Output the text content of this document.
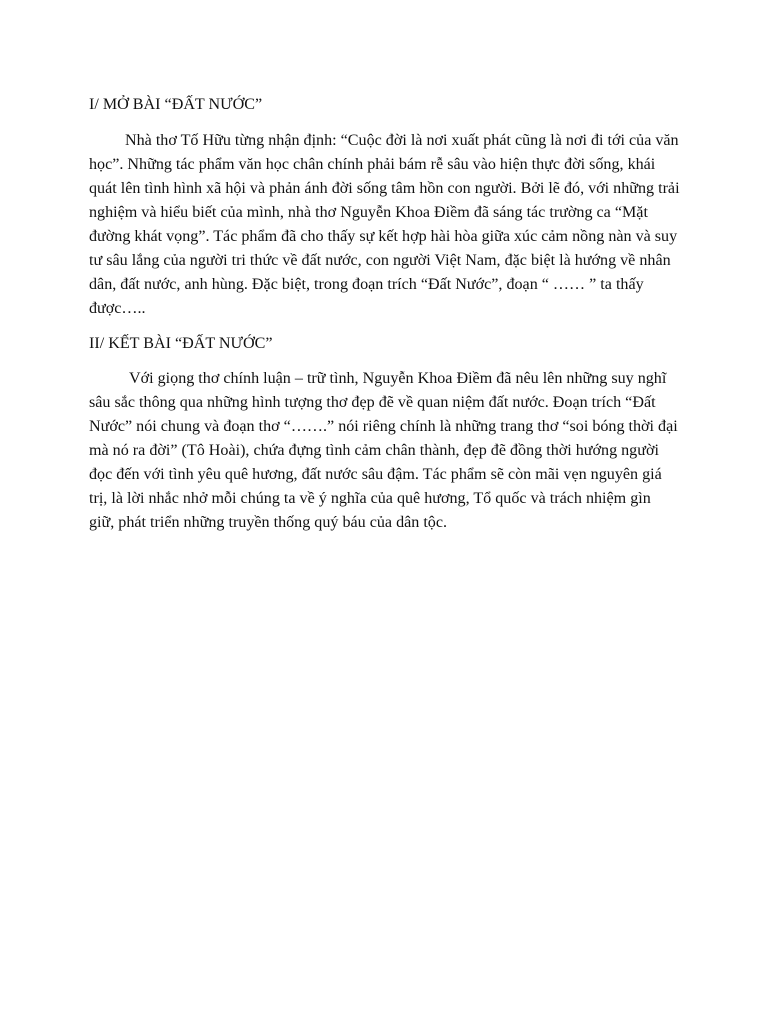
I/ MỞ BÀI “ĐẤT NƯỚC”

Nhà thơ Tố Hữu từng nhận định: “Cuộc đời là nơi xuất phát cũng là nơi đi tới của văn học”. Những tác phẩm văn học chân chính phải bám rễ sâu vào hiện thực đời sống, khái quát lên tình hình xã hội và phản ánh đời sống tâm hồn con người. Bởi lẽ đó, với những trải nghiệm và hiểu biết của mình, nhà thơ Nguyễn Khoa Điềm đã sáng tác trường ca “Mặt đường khát vọng”. Tác phẩm đã cho thấy sự kết hợp hài hòa giữa xúc cảm nồng nàn và suy tư sâu lắng của người tri thức về đất nước, con người Việt Nam, đặc biệt là hướng về nhân dân, đất nước, anh hùng. Đặc biệt, trong đoạn trích “Đất Nước”, đoạn “ …… ” ta thấy được…..

II/ KẾT BÀI “ĐẤT NƯỚC”

Với giọng thơ chính luận – trữ tình, Nguyễn Khoa Điềm đã nêu lên những suy nghĩ sâu sắc thông qua những hình tượng thơ đẹp đẽ về quan niệm đất nước. Đoạn trích “Đất Nước” nói chung và đoạn thơ “…….” nói riêng chính là những trang thơ “soi bóng thời đại mà nó ra đời” (Tô Hoài), chứa đựng tình cảm chân thành, đẹp đẽ đồng thời hướng người đọc đến với tình yêu quê hương, đất nước sâu đậm. Tác phẩm sẽ còn mãi vẹn nguyên giá trị, là lời nhắc nhở mỗi chúng ta về ý nghĩa của quê hương, Tổ quốc và trách nhiệm gìn giữ, phát triển những truyền thống quý báu của dân tộc.
